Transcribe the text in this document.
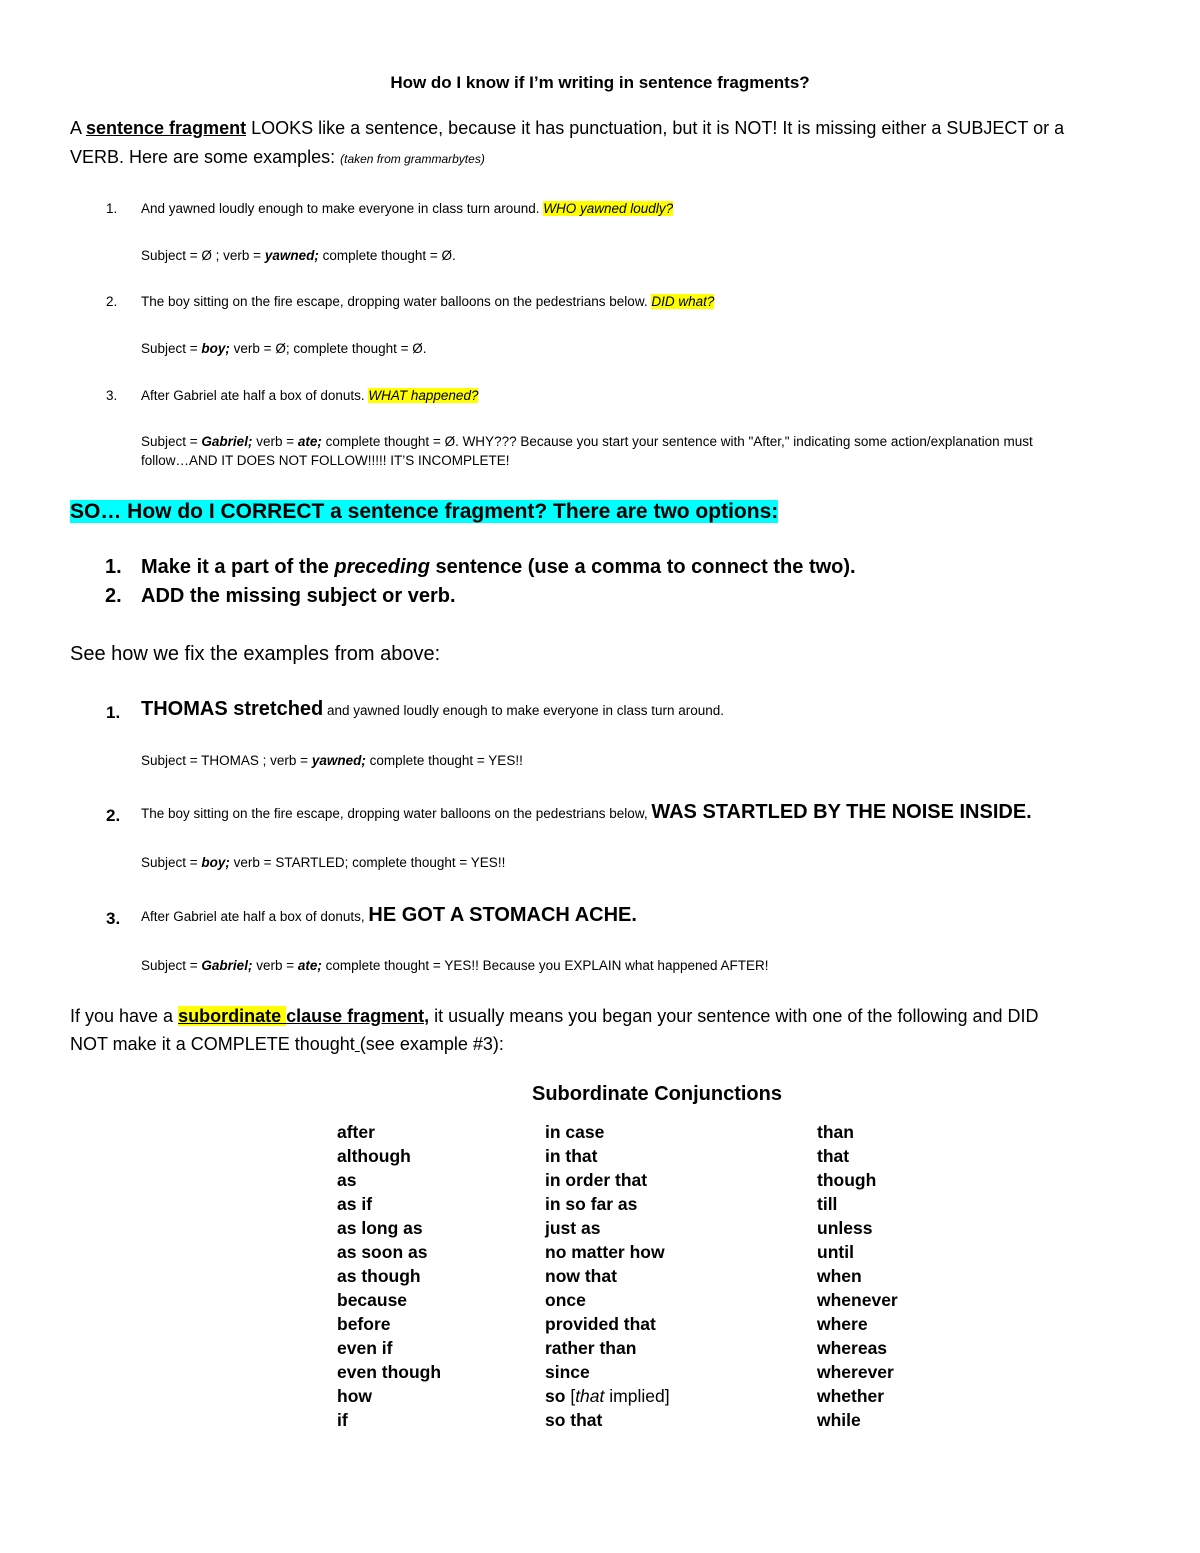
How do I know if I’m writing in sentence fragments?
A sentence fragment LOOKS like a sentence, because it has punctuation, but it is NOT! It is missing either a SUBJECT or a
VERB. Here are some examples: (taken from grammarbytes)
1. And yawned loudly enough to make everyone in class turn around. WHO yawned loudly?
Subject = Ø ; verb = yawned; complete thought = Ø.
2. The boy sitting on the fire escape, dropping water balloons on the pedestrians below. DID what?
Subject = boy; verb = Ø; complete thought = Ø.
3. After Gabriel ate half a box of donuts. WHAT happened?
Subject = Gabriel; verb = ate; complete thought = Ø. WHY??? Because you start your sentence with "After," indicating some action/explanation must
follow…AND IT DOES NOT FOLLOW!!!!! IT’S INCOMPLETE!
SO… How do I CORRECT a sentence fragment? There are two options:
1. Make it a part of the preceding sentence (use a comma to connect the two).
2. ADD the missing subject or verb.
See how we fix the examples from above:
1. THOMAS stretched and yawned loudly enough to make everyone in class turn around.
Subject = THOMAS ; verb = yawned; complete thought = YES!!
2. The boy sitting on the fire escape, dropping water balloons on the pedestrians below, WAS STARTLED BY THE NOISE INSIDE.
Subject = boy; verb = STARTLED; complete thought = YES!!
3. After Gabriel ate half a box of donuts, HE GOT A STOMACH ACHE.
Subject = Gabriel; verb = ate; complete thought = YES!! Because you EXPLAIN what happened AFTER!
If you have a subordinate clause fragment, it usually means you began your sentence with one of the following and DID
NOT make it a COMPLETE thought (see example #3):
Subordinate Conjunctions
after
although
as
as if
as long as
as soon as
as though
because
before
even if
even though
how
if
in case
in that
in order that
in so far as
just as
no matter how
now that
once
provided that
rather than
since
so [that implied]
so that
than
that
though
till
unless
until
when
whenever
where
whereas
wherever
whether
while
